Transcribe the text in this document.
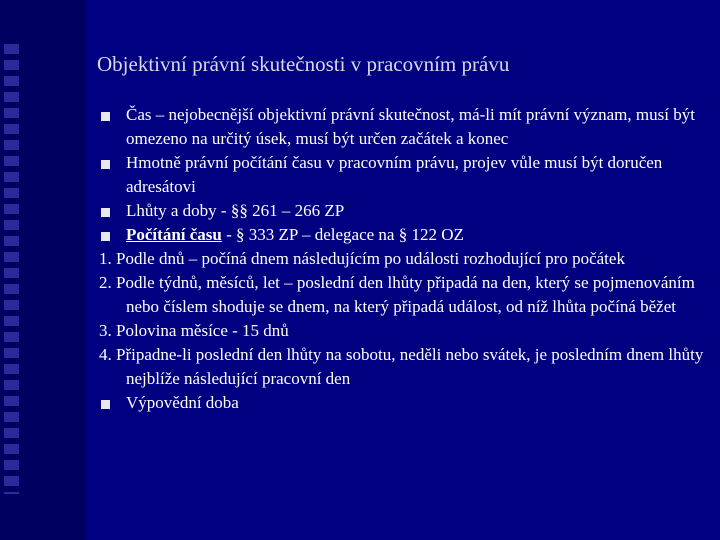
Objektivní právní skutečnosti v pracovním právu
Čas – nejobecnější objektivní právní skutečnost, má-li mít právní význam, musí být omezeno na určitý úsek, musí být určen začátek a konec
Hmotně právní počítání času v pracovním právu, projev vůle musí být doručen adresátovi
Lhůty a doby - §§ 261 – 266 ZP
Počítání času - § 333 ZP – delegace na § 122 OZ
1. Podle dnů – počíná dnem následujícím po události rozhodující pro počátek
2. Podle týdnů, měsíců, let – poslední den lhůty připadá na den, který se pojmenováním nebo číslem shoduje se dnem, na který připadá událost, od níž lhůta počíná běžet
3. Polovina měsíce - 15 dnů
4. Připadne-li poslední den lhůty na sobotu, neděli nebo svátek, je posledním dnem lhůty nejblíže následující pracovní den
Výpovědní doba
